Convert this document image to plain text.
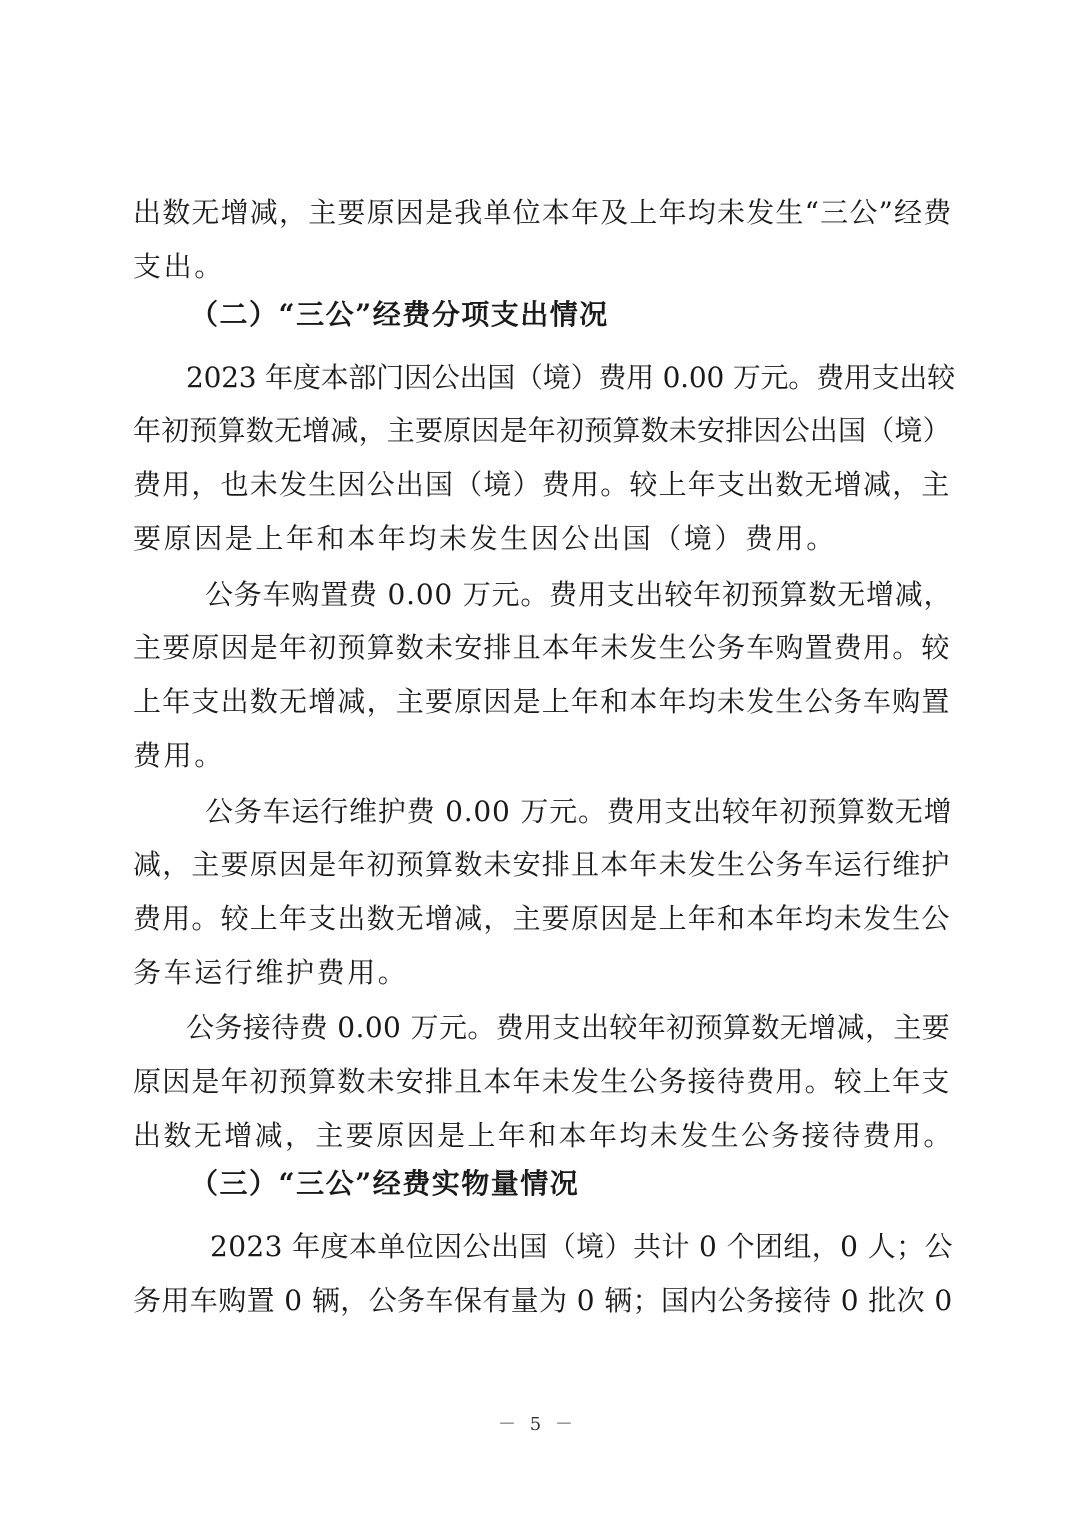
出数无增减，主要原因是我单位本年及上年均未发生“三公”经费
支出。
（二）“三公”经费分项支出情况
2023 年度本部门因公出国（境）费用 0.00 万元。费用支出较
年初预算数无增减，主要原因是年初预算数未安排因公出国（境）
费用，也未发生因公出国（境）费用。较上年支出数无增减，主
要原因是上年和本年均未发生因公出国（境）费用。
公务车购置费 0.00 万元。费用支出较年初预算数无增减，
主要原因是年初预算数未安排且本年未发生公务车购置费用。较
上年支出数无增减，主要原因是上年和本年均未发生公务车购置
费用。
公务车运行维护费 0.00 万元。费用支出较年初预算数无增
减，主要原因是年初预算数未安排且本年未发生公务车运行维护
费用。较上年支出数无增减，主要原因是上年和本年均未发生公
务车运行维护费用。
公务接待费 0.00 万元。费用支出较年初预算数无增减，主要
原因是年初预算数未安排且本年未发生公务接待费用。较上年支
出数无增减，主要原因是上年和本年均未发生公务接待费用。
（三）“三公”经费实物量情况
2023 年度本单位因公出国（境）共计 0 个团组，0 人；公
务用车购置 0 辆，公务车保有量为 0 辆；国内公务接待 0 批次 0
－ 5 －
